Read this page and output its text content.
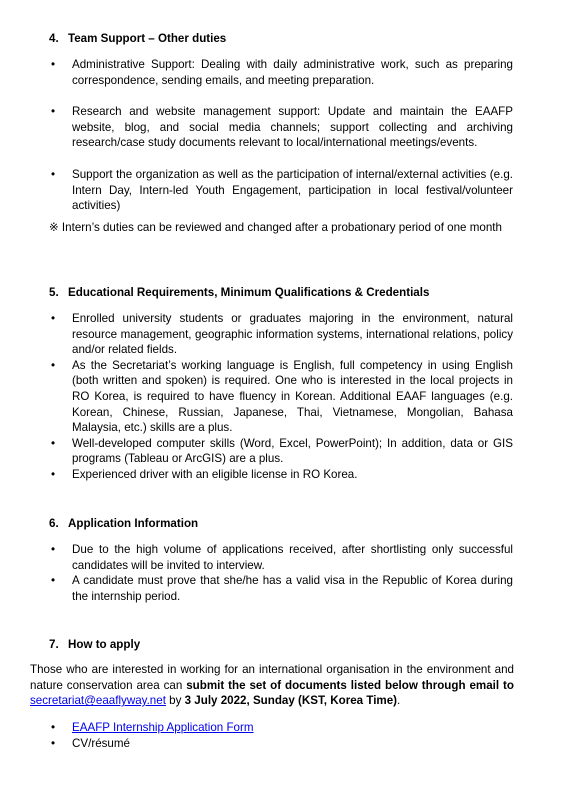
4. Team Support – Other duties
• Administrative Support: Dealing with daily administrative work, such as preparing correspondence, sending emails, and meeting preparation.
• Research and website management support: Update and maintain the EAAFP website, blog, and social media channels; support collecting and archiving research/case study documents relevant to local/international meetings/events.
• Support the organization as well as the participation of internal/external activities (e.g. Intern Day, Intern-led Youth Engagement, participation in local festival/volunteer activities)
※ Intern’s duties can be reviewed and changed after a probationary period of one month
5. Educational Requirements, Minimum Qualifications & Credentials
• Enrolled university students or graduates majoring in the environment, natural resource management, geographic information systems, international relations, policy and/or related fields.
• As the Secretariat’s working language is English, full competency in using English (both written and spoken) is required. One who is interested in the local projects in RO Korea, is required to have fluency in Korean. Additional EAAF languages (e.g. Korean, Chinese, Russian, Japanese, Thai, Vietnamese, Mongolian, Bahasa Malaysia, etc.) skills are a plus.
• Well-developed computer skills (Word, Excel, PowerPoint); In addition, data or GIS programs (Tableau or ArcGIS) are a plus.
• Experienced driver with an eligible license in RO Korea.
6. Application Information
• Due to the high volume of applications received, after shortlisting only successful candidates will be invited to interview.
• A candidate must prove that she/he has a valid visa in the Republic of Korea during the internship period.
7. How to apply
Those who are interested in working for an international organisation in the environment and nature conservation area can submit the set of documents listed below through email to secretariat@eaaflyway.net by 3 July 2022, Sunday (KST, Korea Time).
• EAAFP Internship Application Form
• CV/résumé
